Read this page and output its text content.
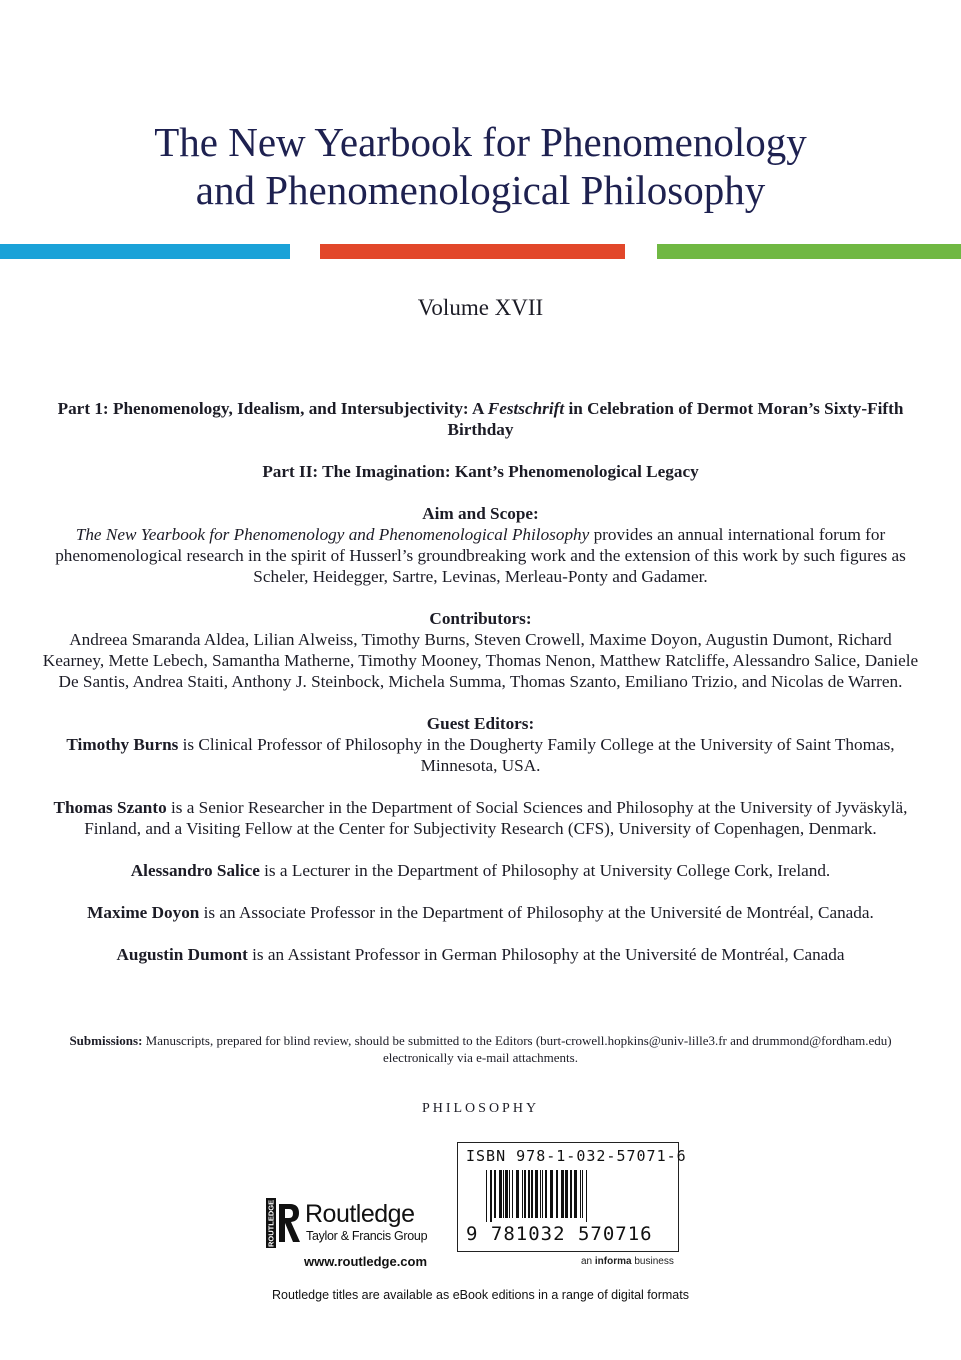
The New Yearbook for Phenomenology
and Phenomenological Philosophy
Volume XVII

Part 1: Phenomenology, Idealism, and Intersubjectivity: A Festschrift in Celebration of Dermot Moran’s Sixty-Fifth Birthday

Part II: The Imagination: Kant’s Phenomenological Legacy

Aim and Scope:
The New Yearbook for Phenomenology and Phenomenological Philosophy provides an annual international forum for phenomenological research in the spirit of Husserl’s groundbreaking work and the extension of this work by such figures as Scheler, Heidegger, Sartre, Levinas, Merleau-Ponty and Gadamer.

Contributors:
Andreea Smaranda Aldea, Lilian Alweiss, Timothy Burns, Steven Crowell, Maxime Doyon, Augustin Dumont, Richard Kearney, Mette Lebech, Samantha Matherne, Timothy Mooney, Thomas Nenon, Matthew Ratcliffe, Alessandro Salice, Daniele De Santis, Andrea Staiti, Anthony J. Steinbock, Michela Summa, Thomas Szanto, Emiliano Trizio, and Nicolas de Warren.

Guest Editors:
Timothy Burns is Clinical Professor of Philosophy in the Dougherty Family College at the University of Saint Thomas, Minnesota, USA.

Thomas Szanto is a Senior Researcher in the Department of Social Sciences and Philosophy at the University of Jyväskylä, Finland, and a Visiting Fellow at the Center for Subjectivity Research (CFS), University of Copenhagen, Denmark.

Alessandro Salice is a Lecturer in the Department of Philosophy at University College Cork, Ireland.

Maxime Doyon is an Associate Professor in the Department of Philosophy at the Université de Montréal, Canada.

Augustin Dumont is an Assistant Professor in German Philosophy at the Université de Montréal, Canada

Submissions: Manuscripts, prepared for blind review, should be submitted to the Editors (burt-crowell.hopkins@univ-lille3.fr and drummond@fordham.edu) electronically via e-mail attachments.
PHILOSOPHY
ROUTLEDGE Routledge
Taylor & Francis Group
www.routledge.com
ISBN 978-1-032-57071-6
9 781032 570716
an informa business
Routledge titles are available as eBook editions in a range of digital formats
